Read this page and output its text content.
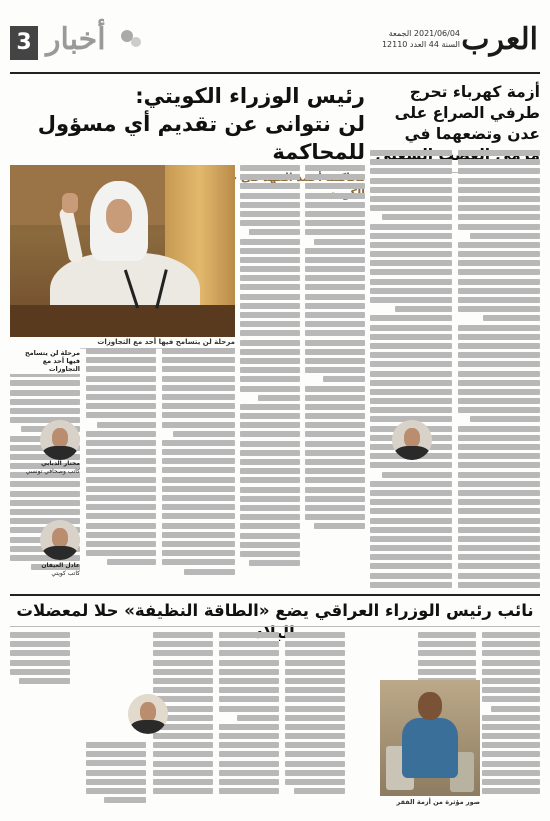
العرب
2021/06/04 الجمعة
السنة 44 العدد 12110
3 أخبار
أزمة كهرباء تحرج طرفي الصراع على عدن وتضعهما في
رئيس الوزراء الكويتي:
لن نتوانى عن تقديم أي مسؤول للمحاكمة
مرحلة لن يتسامح فيها أحد مع التجاوزات
مرحلة لن يتسامح فيها أحد مع التجاوزات
مختار الدبابي
كاتب وصحافي تونسي
عادل العيفان
كاتب كويتي
نائب رئيس الوزراء العراقي يضع «الطاقة النظيفة» حلا لمعضلات
صور مؤثرة من أزمة الفقر
